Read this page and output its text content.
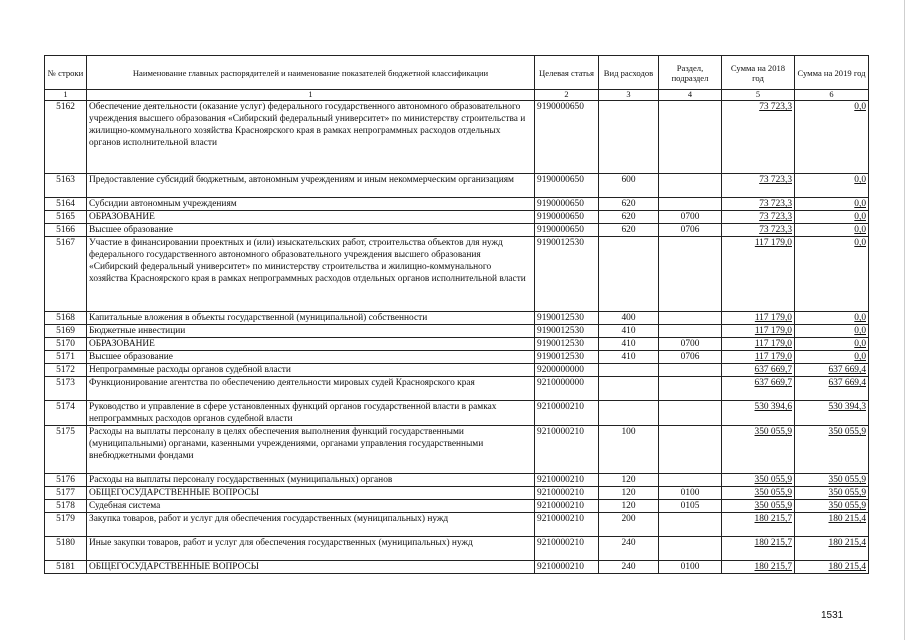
№ строки	Наименование главных распорядителей и наименование показателей бюджетной классификации	Целевая статья	Вид расходов	Раздел, подраздел	Сумма на 2018 год	Сумма на 2019 год
1	1	2	3	4	5	6
5162	Обеспечение деятельности (оказание услуг) федерального государственного автономного образовательного учреждения высшего образования «Сибирский федеральный университет» по министерству строительства и жилищно-коммунального хозяйства Красноярского края в рамках непрограммных расходов отдельных органов исполнительной власти	9190000650			73 723,3	0,0
5163	Предоставление субсидий бюджетным, автономным учреждениям и иным некоммерческим организациям	9190000650	600		73 723,3	0,0
5164	Субсидии автономным учреждениям	9190000650	620		73 723,3	0,0
5165	ОБРАЗОВАНИЕ	9190000650	620	0700	73 723,3	0,0
5166	Высшее образование	9190000650	620	0706	73 723,3	0,0
5167	Участие в финансировании проектных и (или) изыскательских работ, строительства объектов для нужд федерального государственного автономного образовательного учреждения высшего образования «Сибирский федеральный университет» по министерству строительства и жилищно-коммунального хозяйства Красноярского края в рамках непрограммных расходов отдельных органов исполнительной власти	9190012530			117 179,0	0,0
5168	Капитальные вложения в объекты государственной (муниципальной) собственности	9190012530	400		117 179,0	0,0
5169	Бюджетные инвестиции	9190012530	410		117 179,0	0,0
5170	ОБРАЗОВАНИЕ	9190012530	410	0700	117 179,0	0,0
5171	Высшее образование	9190012530	410	0706	117 179,0	0,0
5172	Непрограммные расходы органов судебной власти	9200000000			637 669,7	637 669,4
5173	Функционирование агентства по обеспечению деятельности мировых судей Красноярского края	9210000000			637 669,7	637 669,4
5174	Руководство и управление в сфере установленных функций органов государственной власти в рамках непрограммных расходов органов судебной власти	9210000210			530 394,6	530 394,3
5175	Расходы на выплаты персоналу в целях обеспечения выполнения функций государственными (муниципальными) органами, казенными учреждениями, органами управления государственными внебюджетными фондами	9210000210	100		350 055,9	350 055,9
5176	Расходы на выплаты персоналу государственных (муниципальных) органов	9210000210	120		350 055,9	350 055,9
5177	ОБЩЕГОСУДАРСТВЕННЫЕ ВОПРОСЫ	9210000210	120	0100	350 055,9	350 055,9
5178	Судебная система	9210000210	120	0105	350 055,9	350 055,9
5179	Закупка товаров, работ и услуг для обеспечения государственных (муниципальных) нужд	9210000210	200		180 215,7	180 215,4
5180	Иные закупки товаров, работ и услуг для обеспечения государственных (муниципальных) нужд	9210000210	240		180 215,7	180 215,4
5181	ОБЩЕГОСУДАРСТВЕННЫЕ ВОПРОСЫ	9210000210	240	0100	180 215,7	180 215,4
1531
